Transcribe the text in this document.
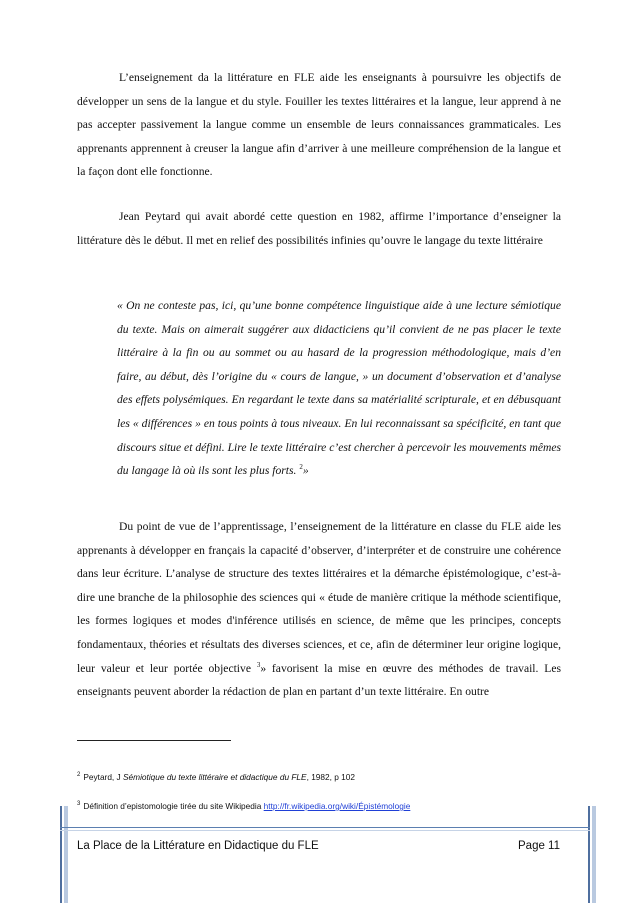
L’enseignement da la littérature en FLE aide les enseignants à poursuivre les objectifs de développer un sens de la langue et du style. Fouiller les textes littéraires et la langue, leur apprend à ne pas accepter passivement la langue comme un ensemble de leurs connaissances grammaticales. Les apprenants apprennent à creuser la langue afin d’arriver à une meilleure compréhension de la langue et la façon dont elle fonctionne.

Jean Peytard qui avait abordé cette question en 1982, affirme l’importance d’enseigner la littérature dès le début. Il met en relief des possibilités infinies qu’ouvre le langage du texte littéraire

« On ne conteste pas, ici, qu’une bonne compétence linguistique aide à une lecture sémiotique du texte. Mais on aimerait suggérer aux didacticiens qu’il convient de ne pas placer le texte littéraire à la fin ou au sommet ou au hasard de la progression méthodologique, mais d’en faire, au début, dès l’origine du « cours de langue, » un document d’observation et d’analyse des effets polysémiques. En regardant le texte dans sa matérialité scripturale, et en débusquant les « différences » en tous points à tous niveaux. En lui reconnaissant sa spécificité, en tant que discours situe et défini. Lire le texte littéraire c’est chercher à percevoir les mouvements mêmes du langage là où ils sont les plus forts. $^2$»

Du point de vue de l’apprentissage, l’enseignement de la littérature en classe du FLE aide les apprenants à développer en français la capacité d’observer, d’interpréter et de construire une cohérence dans leur écriture. L’analyse de structure des textes littéraires et la démarche épistémologique, c’est-à-dire une branche de la philosophie des sciences qui « étude de manière critique la méthode scientifique, les formes logiques et modes d'inférence utilisés en science, de même que les principes, concepts fondamentaux, théories et résultats des diverses sciences, et ce, afin de déterminer leur origine logique, leur valeur et leur portée objective $^3$» favorisent la mise en œuvre des méthodes de travail. Les enseignants peuvent aborder la rédaction de plan en partant d’un texte littéraire. En outre

$^2$ Peytard, J Sémiotique du texte littéraire et didactique du FLE, 1982, p 102
$^3$ Définition d’epistomologie tirée du site Wikipedia http://fr.wikipedia.org/wiki/Épistémologie
La Place de la Littérature en Didactique du FLE	Page 11
